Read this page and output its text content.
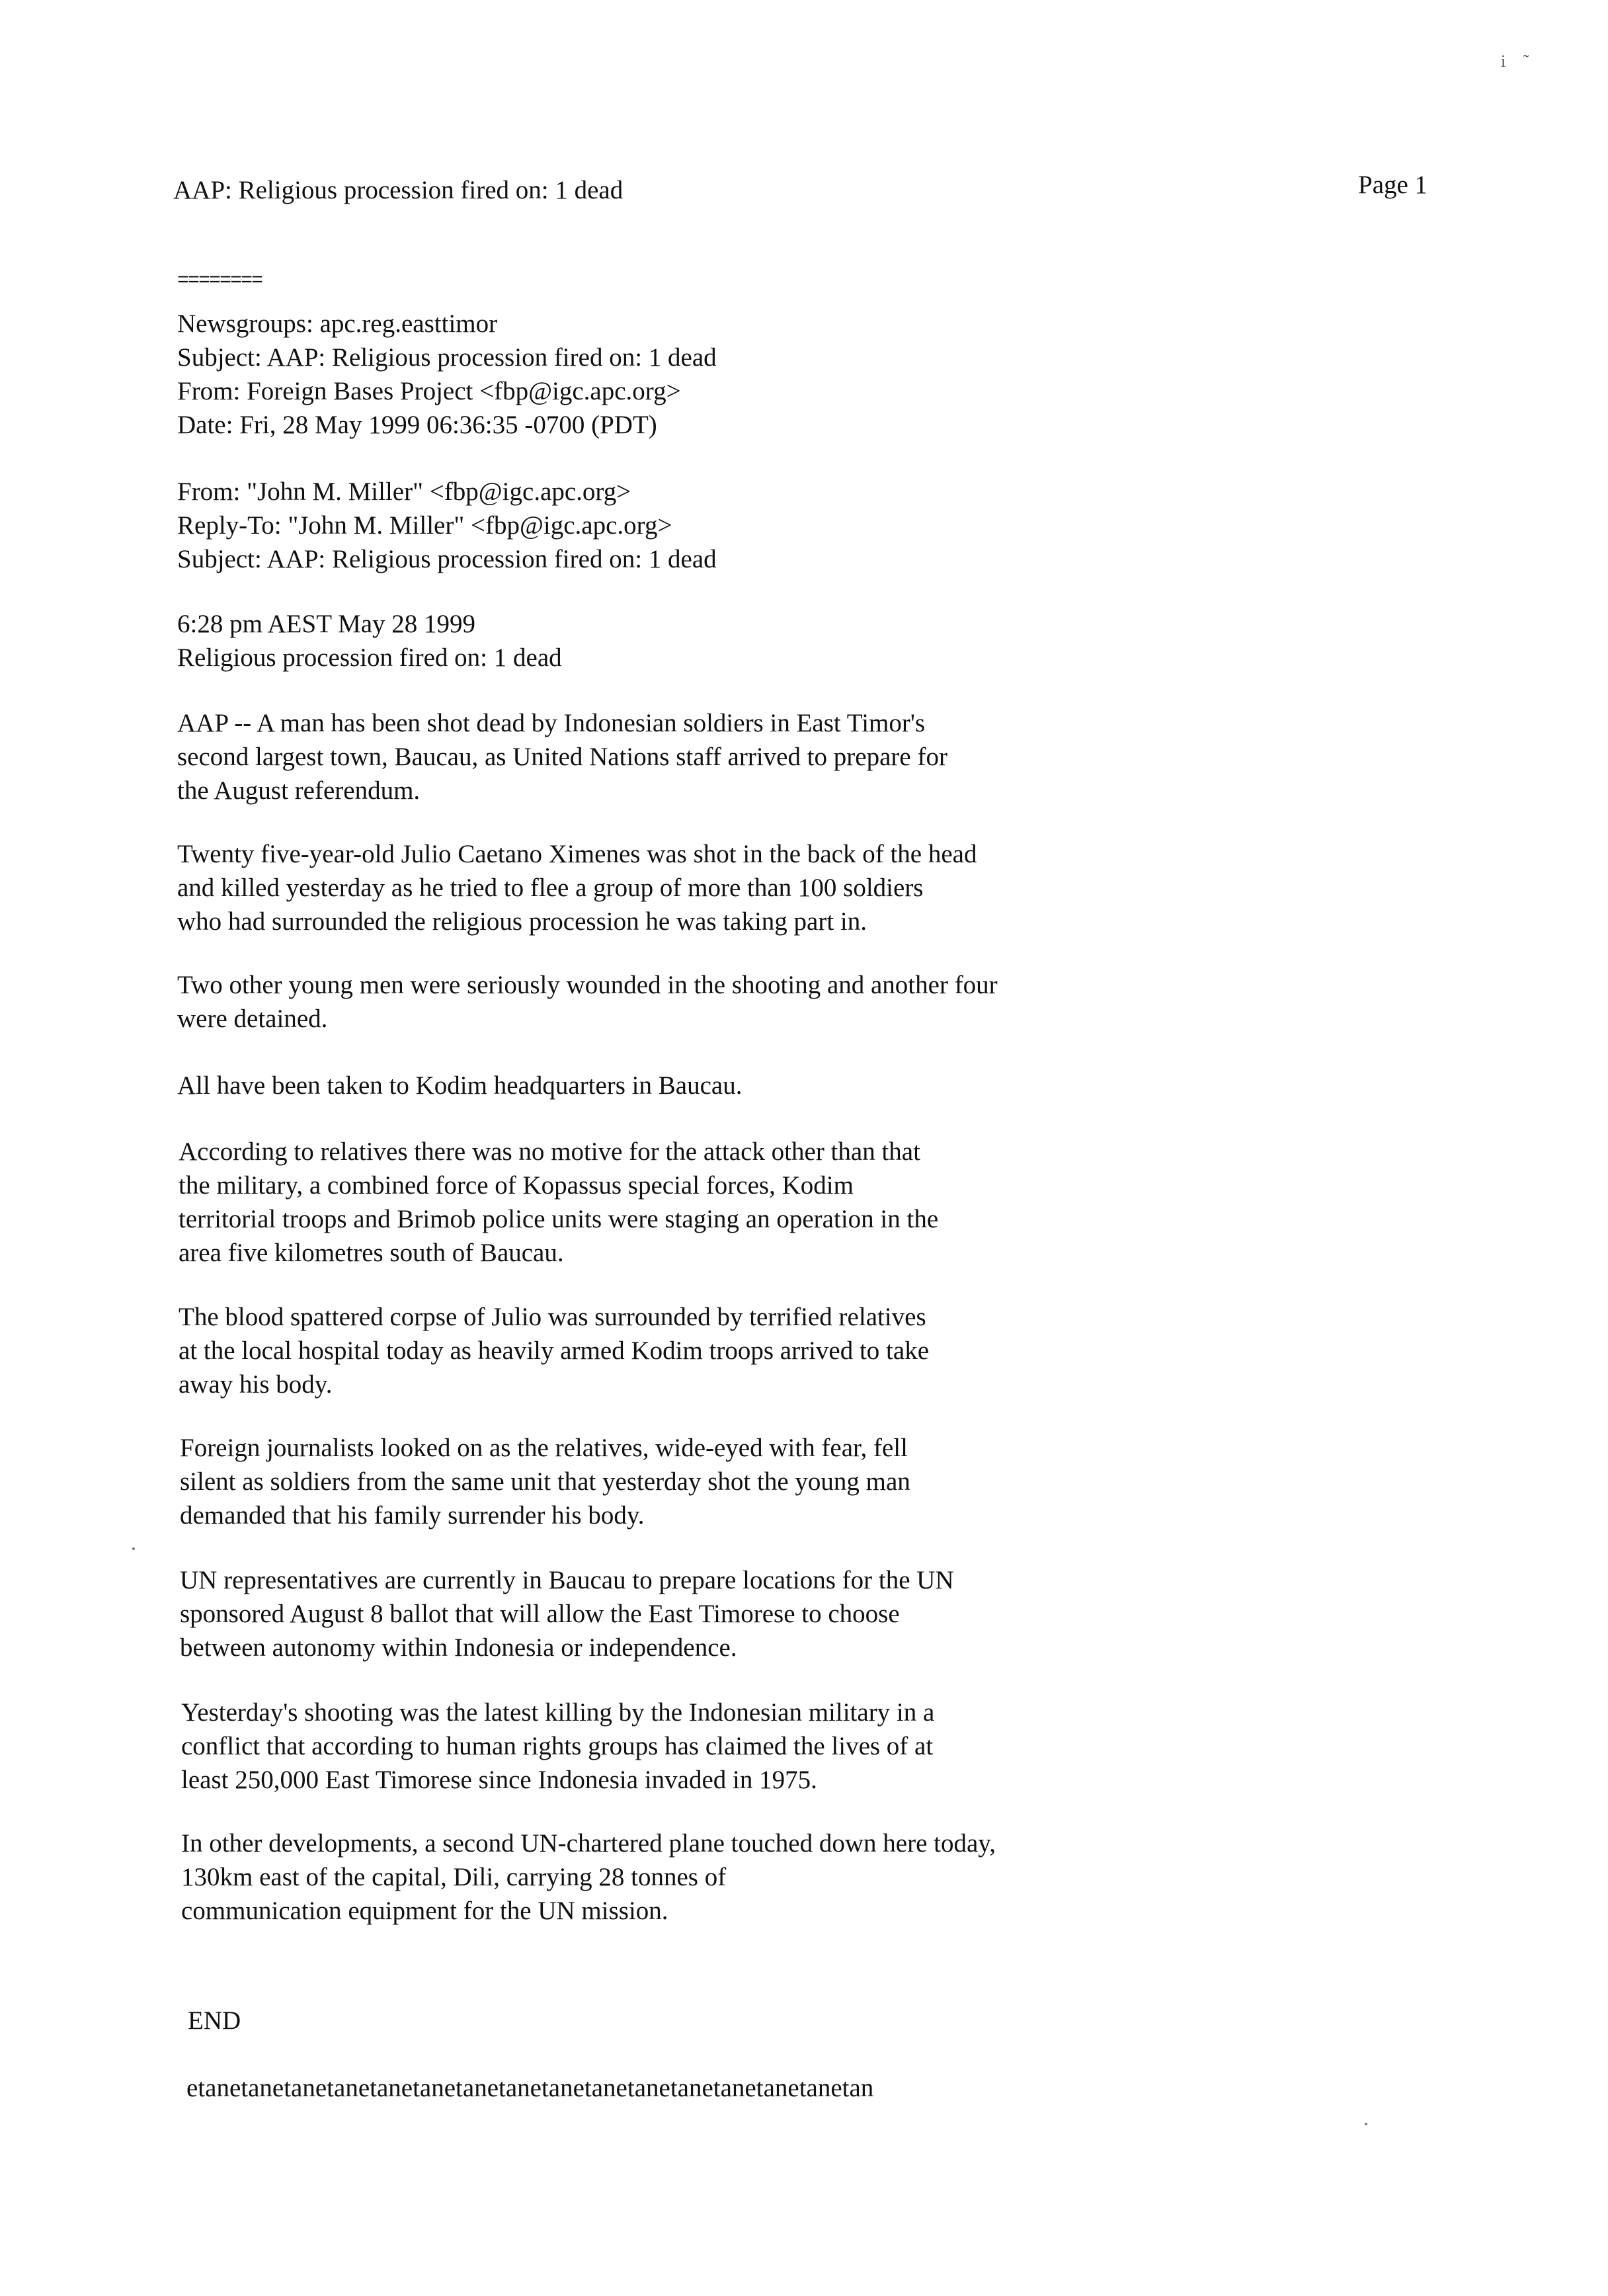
i ˜
AAP: Religious procession fired on: 1 dead	Page 1
========
Newsgroups: apc.reg.easttimor
Subject: AAP: Religious procession fired on: 1 dead
From: Foreign Bases Project <fbp@igc.apc.org>
Date: Fri, 28 May 1999 06:36:35 -0700 (PDT)
From: "John M. Miller" <fbp@igc.apc.org>
Reply-To: "John M. Miller" <fbp@igc.apc.org>
Subject: AAP: Religious procession fired on: 1 dead
6:28 pm AEST May 28 1999
Religious procession fired on: 1 dead
AAP -- A man has been shot dead by Indonesian soldiers in East Timor's
second largest town, Baucau, as United Nations staff arrived to prepare for
the August referendum.
Twenty five-year-old Julio Caetano Ximenes was shot in the back of the head
and killed yesterday as he tried to flee a group of more than 100 soldiers
who had surrounded the religious procession he was taking part in.
Two other young men were seriously wounded in the shooting and another four
were detained.
All have been taken to Kodim headquarters in Baucau.
According to relatives there was no motive for the attack other than that
the military, a combined force of Kopassus special forces, Kodim
territorial troops and Brimob police units were staging an operation in the
area five kilometres south of Baucau.
The blood spattered corpse of Julio was surrounded by terrified relatives
at the local hospital today as heavily armed Kodim troops arrived to take
away his body.
Foreign journalists looked on as the relatives, wide-eyed with fear, fell
silent as soldiers from the same unit that yesterday shot the young man
demanded that his family surrender his body.
UN representatives are currently in Baucau to prepare locations for the UN
sponsored August 8 ballot that will allow the East Timorese to choose
between autonomy within Indonesia or independence.
Yesterday's shooting was the latest killing by the Indonesian military in a
conflict that according to human rights groups has claimed the lives of at
least 250,000 East Timorese since Indonesia invaded in 1975.
In other developments, a second UN-chartered plane touched down here today,
130km east of the capital, Dili, carrying 28 tonnes of
communication equipment for the UN mission.
END
etanetanetanetanetanetanetanetanetanetanetanetanetanetanetanetan
